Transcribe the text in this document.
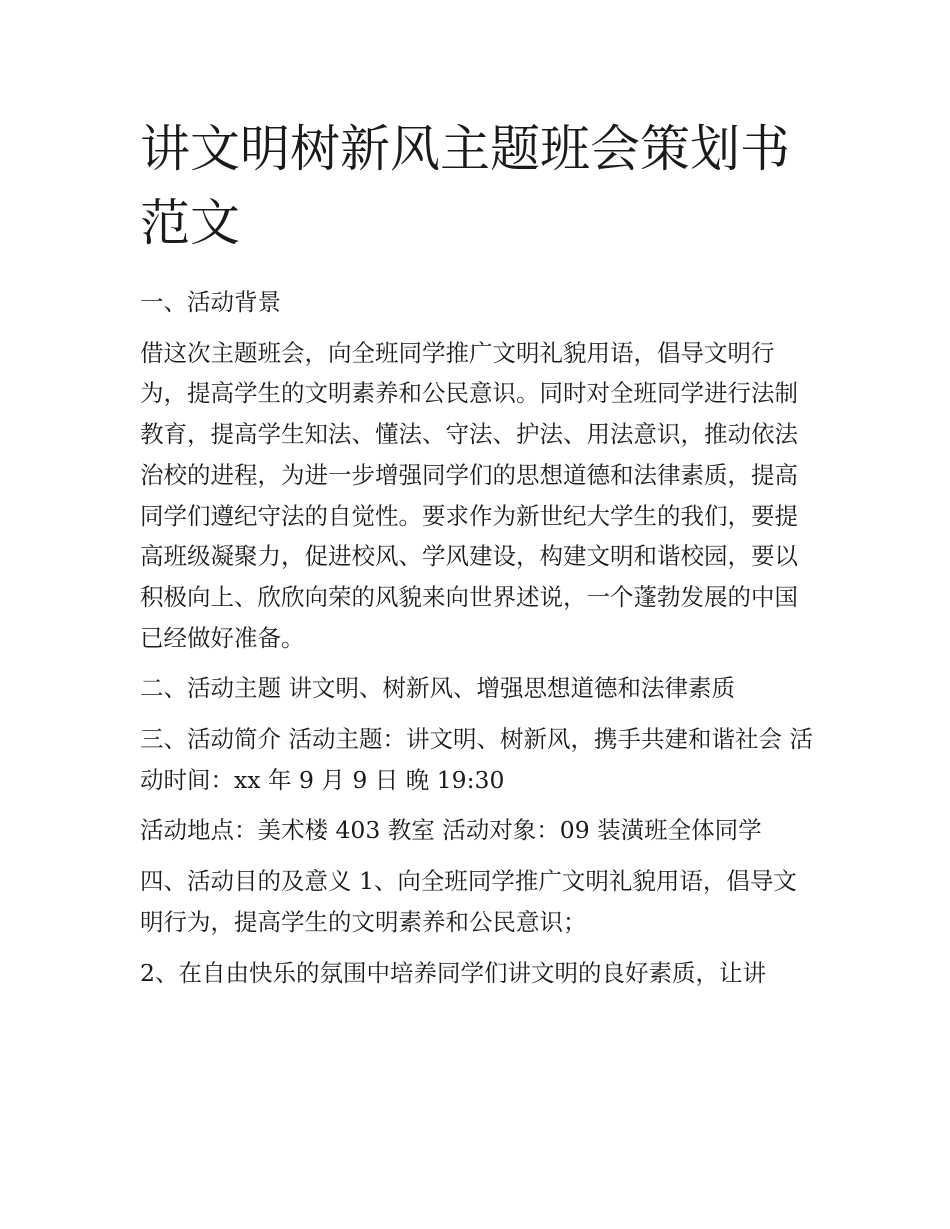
讲文明树新风主题班会策划书范文

一、活动背景

借这次主题班会，向全班同学推广文明礼貌用语，倡导文明行为，提高学生的文明素养和公民意识。同时对全班同学进行法制教育，提高学生知法、懂法、守法、护法、用法意识，推动依法治校的进程，为进一步增强同学们的思想道德和法律素质，提高同学们遵纪守法的自觉性。要求作为新世纪大学生的我们，要提高班级凝聚力，促进校风、学风建设，构建文明和谐校园，要以积极向上、欣欣向荣的风貌来向世界述说，一个蓬勃发展的中国已经做好准备。

二、活动主题 讲文明、树新风、增强思想道德和法律素质

三、活动简介 活动主题：讲文明、树新风，携手共建和谐社会 活动时间：xx 年 9 月 9 日 晚 19:30

活动地点：美术楼 403 教室 活动对象：09 装潢班全体同学

四、活动目的及意义 1、向全班同学推广文明礼貌用语，倡导文明行为，提高学生的文明素养和公民意识；

2、在自由快乐的氛围中培养同学们讲文明的良好素质，让讲
